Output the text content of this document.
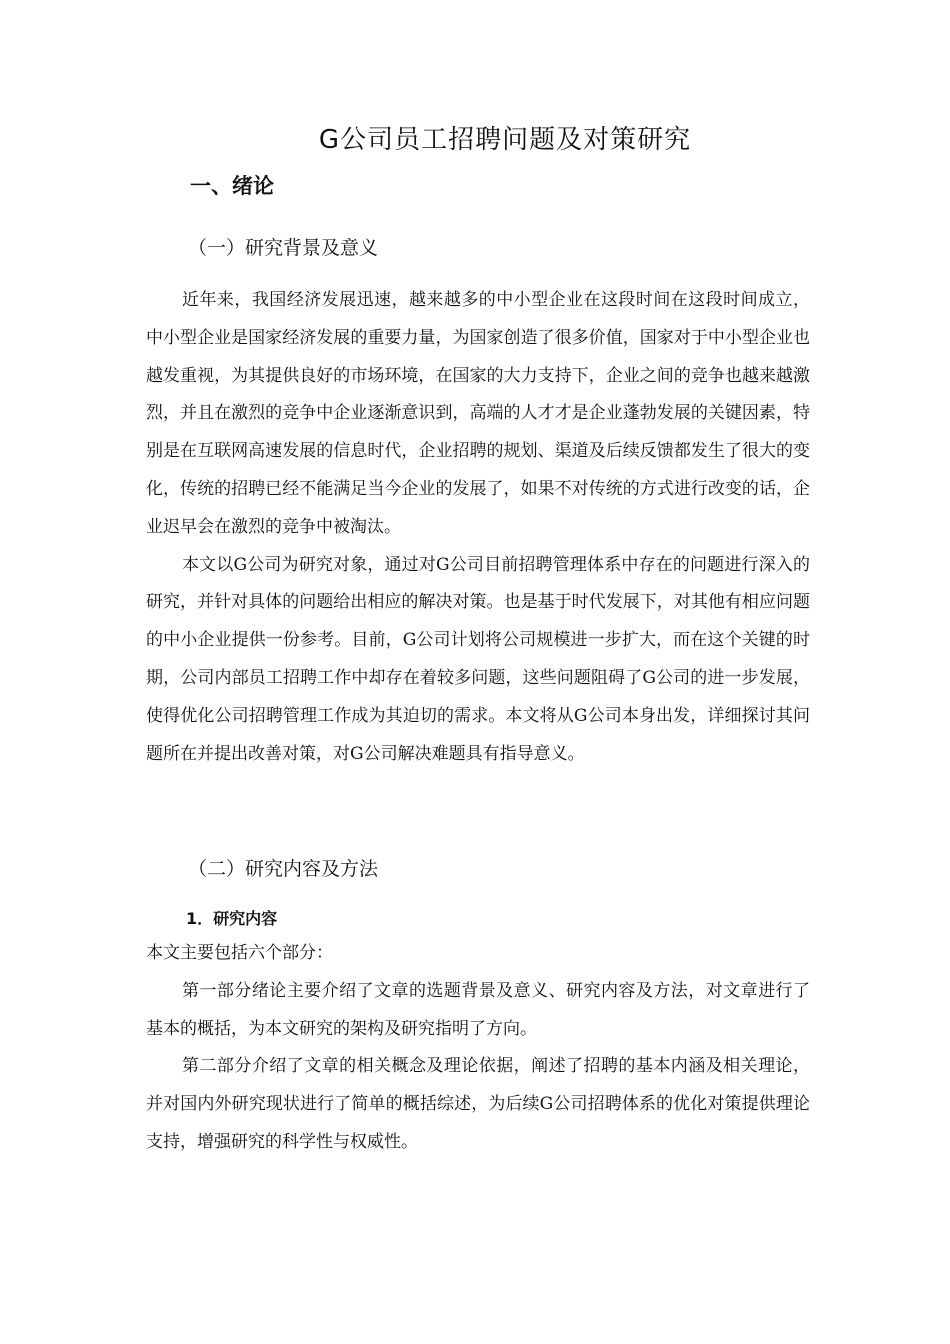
G公司员工招聘问题及对策研究
一、绪论
（一）研究背景及意义

近年来，我国经济发展迅速，越来越多的中小型企业在这段时间在这段时间成立，中小型企业是国家经济发展的重要力量，为国家创造了很多价值，国家对于中小型企业也越发重视，为其提供良好的市场环境，在国家的大力支持下，企业之间的竞争也越来越激烈，并且在激烈的竞争中企业逐渐意识到，高端的人才才是企业蓬勃发展的关键因素，特别是在互联网高速发展的信息时代，企业招聘的规划、渠道及后续反馈都发生了很大的变化，传统的招聘已经不能满足当今企业的发展了，如果不对传统的方式进行改变的话，企业迟早会在激烈的竞争中被淘汰。

本文以G公司为研究对象，通过对G公司目前招聘管理体系中存在的问题进行深入的研究，并针对具体的问题给出相应的解决对策。也是基于时代发展下，对其他有相应问题的中小企业提供一份参考。目前，G公司计划将公司规模进一步扩大，而在这个关键的时期，公司内部员工招聘工作中却存在着较多问题，这些问题阻碍了G公司的进一步发展，使得优化公司招聘管理工作成为其迫切的需求。本文将从G公司本身出发，详细探讨其问题所在并提出改善对策，对G公司解决难题具有指导意义。

（二）研究内容及方法
1．研究内容

本文主要包括六个部分：

第一部分绪论主要介绍了文章的选题背景及意义、研究内容及方法，对文章进行了基本的概括，为本文研究的架构及研究指明了方向。

第二部分介绍了文章的相关概念及理论依据，阐述了招聘的基本内涵及相关理论，并对国内外研究现状进行了简单的概括综述，为后续G公司招聘体系的优化对策提供理论支持，增强研究的科学性与权威性。
